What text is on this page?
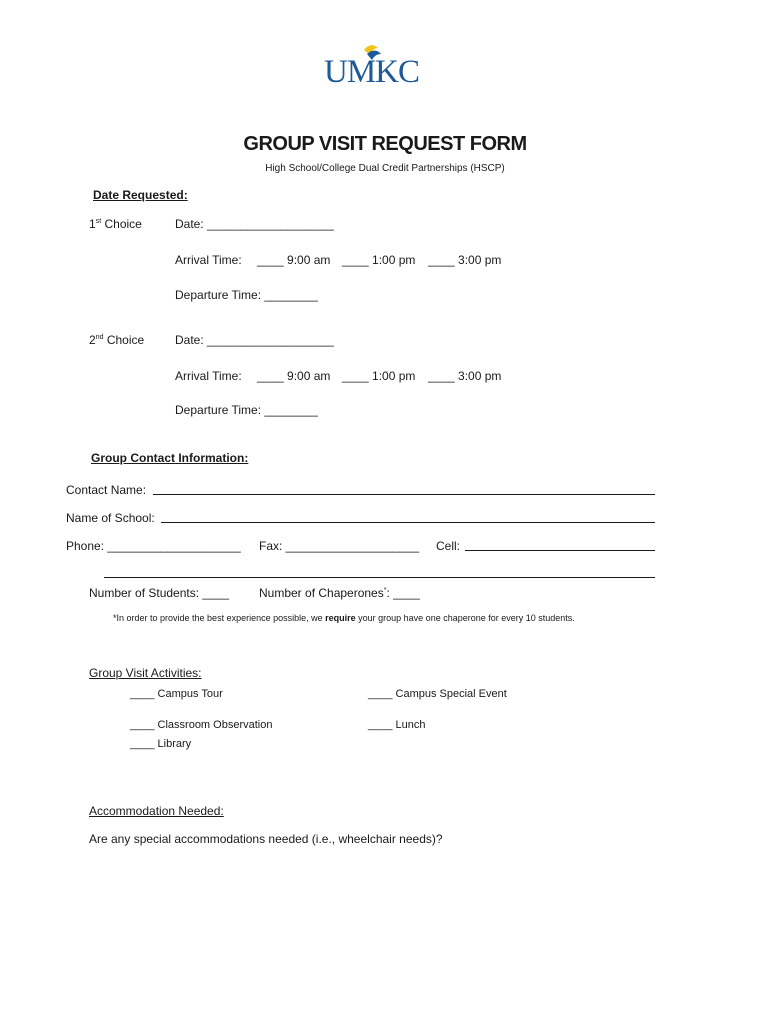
UMKC
GROUP VISIT REQUEST FORM
High School/College Dual Credit Partnerships (HSCP)
Date Requested:
1st Choice	Date: ___________________
Arrival Time: ____ 9:00 am ____ 1:00 pm ____ 3:00 pm
Departure Time: ________
2nd Choice	Date: ___________________
Arrival Time: ____ 9:00 am ____ 1:00 pm ____ 3:00 pm
Departure Time: ________
Group Contact Information:
Contact Name:
Name of School:
Phone: ____________________ Fax: ____________________ Cell:
Number of Students: ____ Number of Chaperones*: ____
*In order to provide the best experience possible, we require your group have one chaperone for every 10 students.
Group Visit Activities:
____ Campus Tour	____ Campus Special Event
____ Classroom Observation	____ Lunch
____ Library
Accommodation Needed:
Are any special accommodations needed (i.e., wheelchair needs)?
